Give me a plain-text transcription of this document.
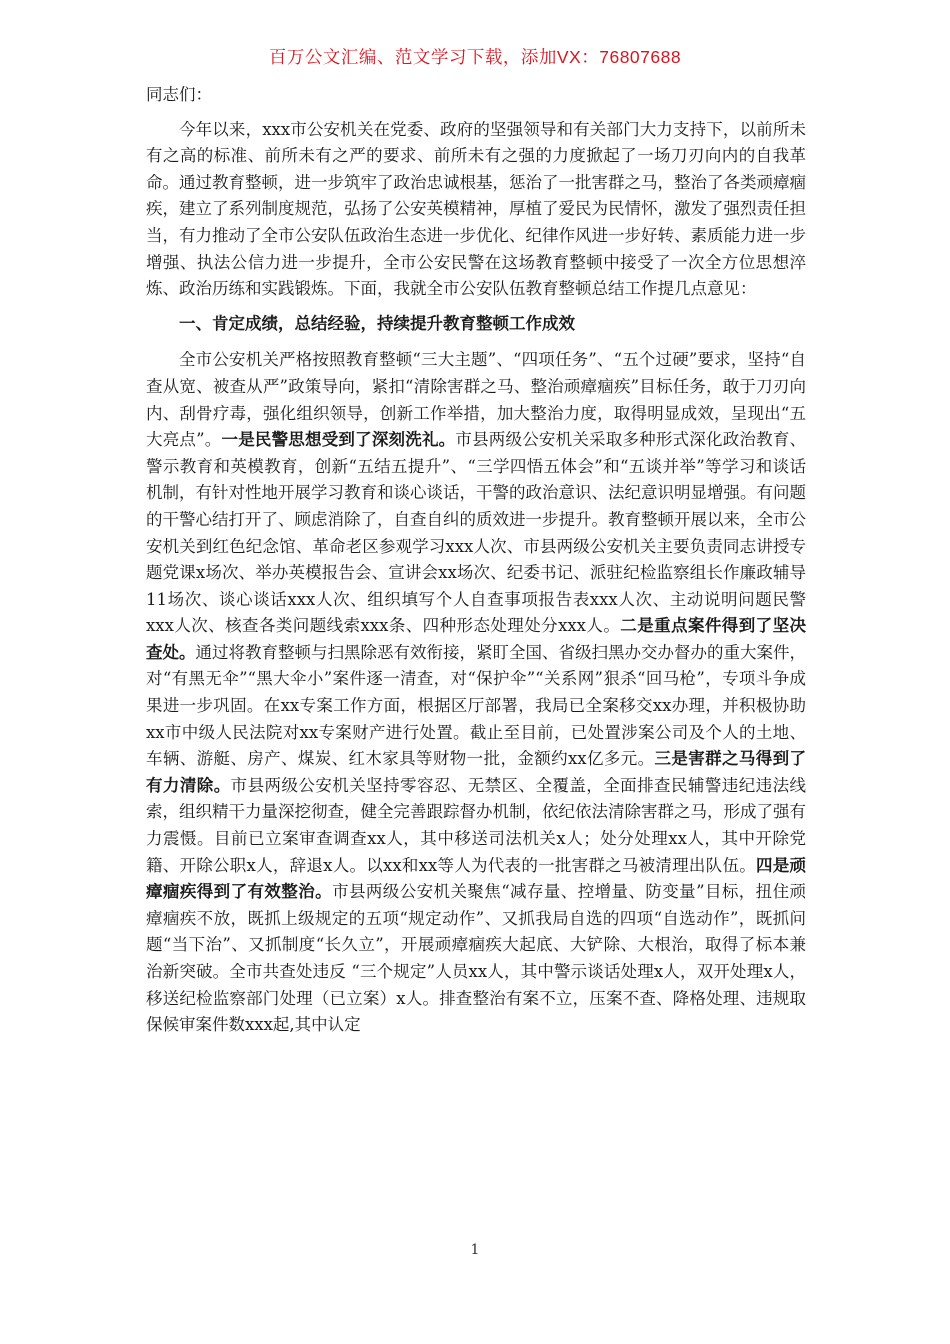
百万公文汇编、范文学习下载，添加VX：76807688

同志们：

今年以来，xxx市公安机关在党委、政府的坚强领导和有关部门大力支持下，以前所未有之高的标准、前所未有之严的要求、前所未有之强的力度掀起了一场刀刃向内的自我革命。通过教育整顿，进一步筑牢了政治忠诚根基，惩治了一批害群之马，整治了各类顽瘴痼疾，建立了系列制度规范，弘扬了公安英模精神，厚植了爱民为民情怀，激发了强烈责任担当，有力推动了全市公安队伍政治生态进一步优化、纪律作风进一步好转、素质能力进一步增强、执法公信力进一步提升，全市公安民警在这场教育整顿中接受了一次全方位思想淬炼、政治历练和实践锻炼。下面，我就全市公安队伍教育整顿总结工作提几点意见：

一、肯定成绩，总结经验，持续提升教育整顿工作成效

全市公安机关严格按照教育整顿“三大主题”、“四项任务”、“五个过硬”要求，坚持“自查从宽、被查从严”政策导向，紧扣“清除害群之马、整治顽瘴痼疾”目标任务，敢于刀刃向内、刮骨疗毒，强化组织领导，创新工作举措，加大整治力度，取得明显成效，呈现出“五大亮点”。一是民警思想受到了深刻洗礼。市县两级公安机关采取多种形式深化政治教育、警示教育和英模教育，创新“五结五提升”、“三学四悟五体会”和“五谈并举”等学习和谈话机制，有针对性地开展学习教育和谈心谈话，干警的政治意识、法纪意识明显增强。有问题的干警心结打开了、顾虑消除了，自查自纠的质效进一步提升。教育整顿开展以来，全市公安机关到红色纪念馆、革命老区参观学习xxx人次、市县两级公安机关主要负责同志讲授专题党课x场次、举办英模报告会、宣讲会xx场次、纪委书记、派驻纪检监察组长作廉政辅导11场次、谈心谈话xxx人次、组织填写个人自查事项报告表xxx人次、主动说明问题民警xxx人次、核查各类问题线索xxx条、四种形态处理处分xxx人。二是重点案件得到了坚决查处。通过将教育整顿与扫黑除恶有效衔接，紧盯全国、省级扫黑办交办督办的重大案件，对“有黑无伞”“黑大伞小”案件逐一清查，对“保护伞”“关系网”狠杀“回马枪”，专项斗争成果进一步巩固。在xx专案工作方面，根据区厅部署，我局已全案移交xx办理，并积极协助xx市中级人民法院对xx专案财产进行处置。截止至目前，已处置涉案公司及个人的土地、车辆、游艇、房产、煤炭、红木家具等财物一批，金额约xx亿多元。三是害群之马得到了有力清除。市县两级公安机关坚持零容忍、无禁区、全覆盖，全面排查民辅警违纪违法线索，组织精干力量深挖彻查，健全完善跟踪督办机制，依纪依法清除害群之马，形成了强有力震慑。目前已立案审查调查xx人，其中移送司法机关x人；处分处理xx人，其中开除党籍、开除公职x人，辞退x人。以xx和xx等人为代表的一批害群之马被清理出队伍。四是顽瘴痼疾得到了有效整治。市县两级公安机关聚焦“减存量、控增量、防变量”目标，扭住顽瘴痼疾不放，既抓上级规定的五项“规定动作”、又抓我局自选的四项“自选动作”，既抓问题“当下治”、又抓制度“长久立”，开展顽瘴痼疾大起底、大铲除、大根治，取得了标本兼治新突破。全市共查处违反 “三个规定”人员xx人，其中警示谈话处理x人，双开处理x人，移送纪检监察部门处理（已立案）x人。排查整治有案不立，压案不查、降格处理、违规取保候审案件数xxx起,其中认定

1
